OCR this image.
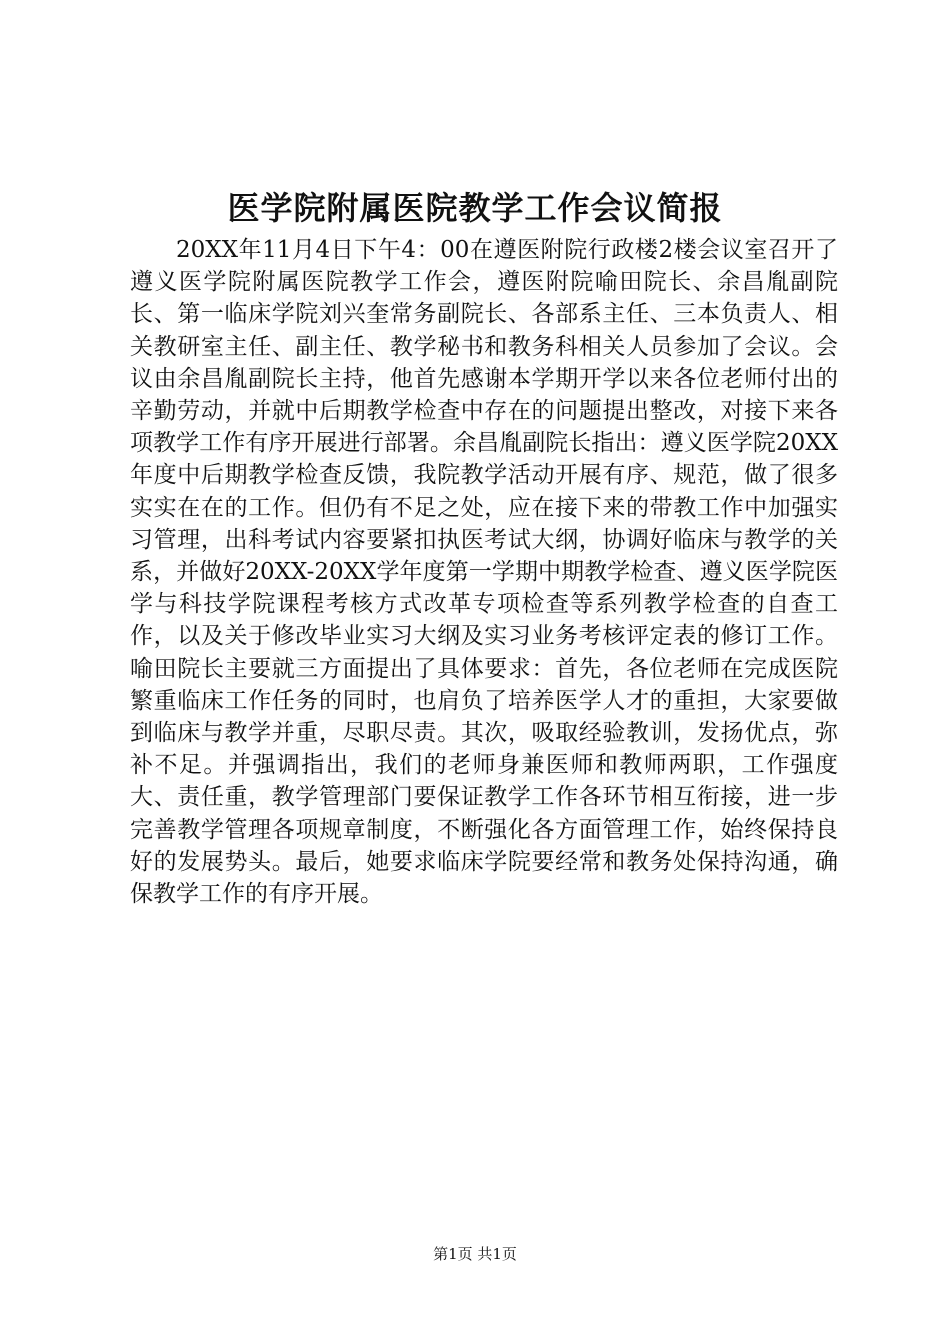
医学院附属医院教学工作会议简报

20XX年11月4日下午4：00在遵医附院行政楼2楼会议室召开了遵义医学院附属医院教学工作会，遵医附院喻田院长、余昌胤副院长、第一临床学院刘兴奎常务副院长、各部系主任、三本负责人、相关教研室主任、副主任、教学秘书和教务科相关人员参加了会议。会议由余昌胤副院长主持，他首先感谢本学期开学以来各位老师付出的辛勤劳动，并就中后期教学检查中存在的问题提出整改，对接下来各项教学工作有序开展进行部署。余昌胤副院长指出：遵义医学院20XX年度中后期教学检查反馈，我院教学活动开展有序、规范，做了很多实实在在的工作。但仍有不足之处，应在接下来的带教工作中加强实习管理，出科考试内容要紧扣执医考试大纲，协调好临床与教学的关系，并做好20XX-20XX学年度第一学期中期教学检查、遵义医学院医学与科技学院课程考核方式改革专项检查等系列教学检查的自查工作，以及关于修改毕业实习大纲及实习业务考核评定表的修订工作。喻田院长主要就三方面提出了具体要求：首先，各位老师在完成医院繁重临床工作任务的同时，也肩负了培养医学人才的重担，大家要做到临床与教学并重，尽职尽责。其次，吸取经验教训，发扬优点，弥补不足。并强调指出，我们的老师身兼医师和教师两职，工作强度大、责任重，教学管理部门要保证教学工作各环节相互衔接，进一步完善教学管理各项规章制度，不断强化各方面管理工作，始终保持良好的发展势头。最后，她要求临床学院要经常和教务处保持沟通，确保教学工作的有序开展。

第1页 共1页
